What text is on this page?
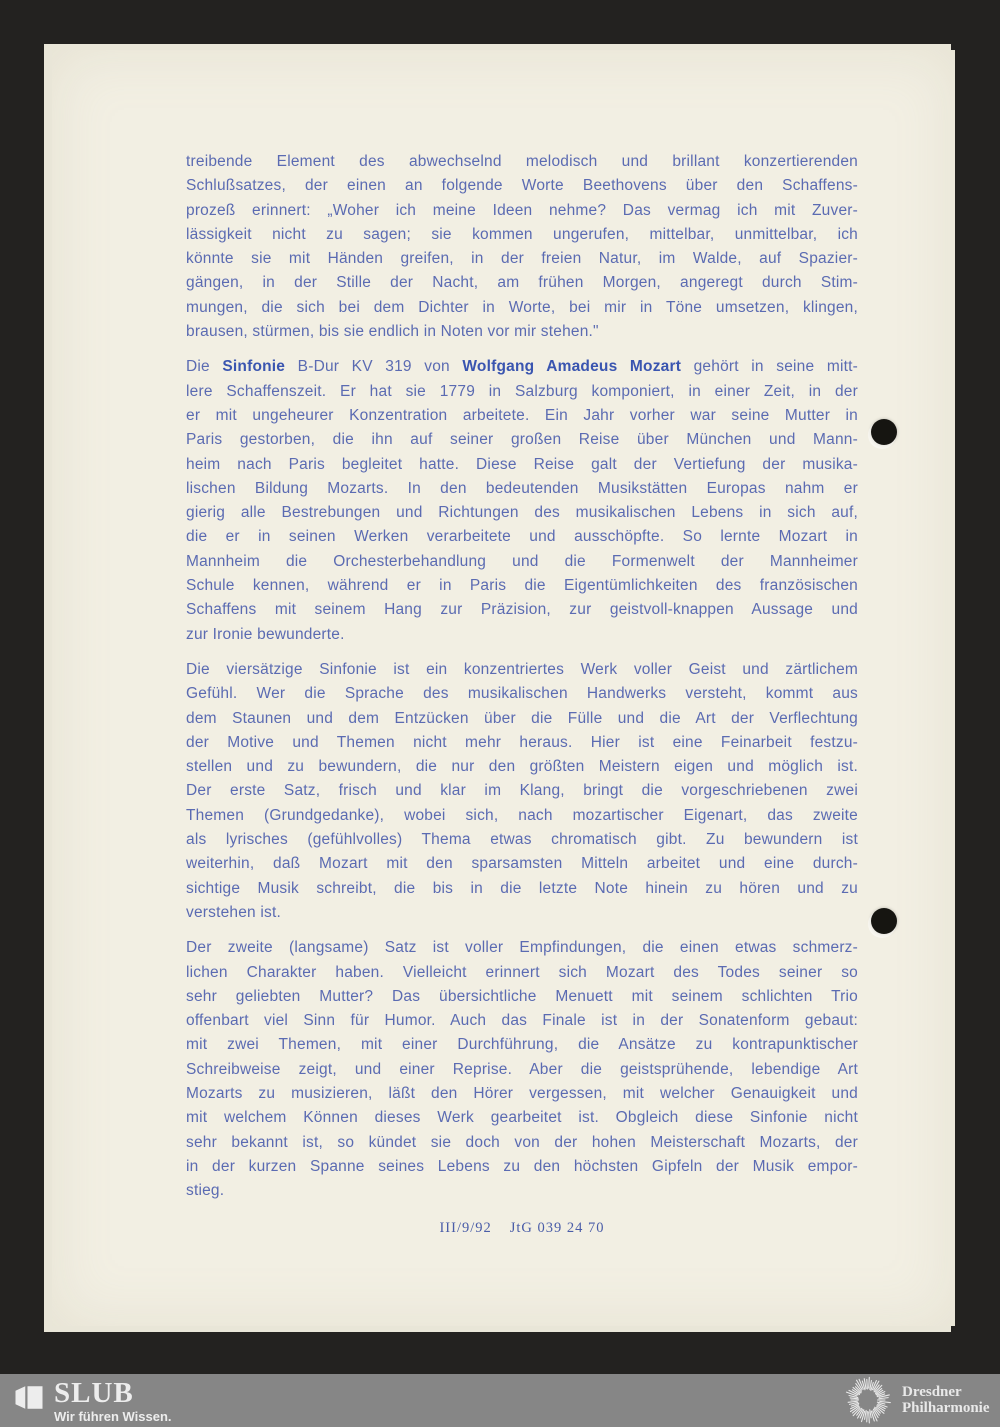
treibende Element des abwechselnd melodisch und brillant konzertierenden
Schlußsatzes, der einen an folgende Worte Beethovens über den Schaffens-
prozeß erinnert: „Woher ich meine Ideen nehme? Das vermag ich mit Zuver-
lässigkeit nicht zu sagen; sie kommen ungerufen, mittelbar, unmittelbar, ich
könnte sie mit Händen greifen, in der freien Natur, im Walde, auf Spazier-
gängen, in der Stille der Nacht, am frühen Morgen, angeregt durch Stim-
mungen, die sich bei dem Dichter in Worte, bei mir in Töne umsetzen, klingen,
brausen, stürmen, bis sie endlich in Noten vor mir stehen."
Die Sinfonie B-Dur KV 319 von Wolfgang Amadeus Mozart gehört in seine mitt-
lere Schaffenszeit. Er hat sie 1779 in Salzburg komponiert, in einer Zeit, in der
er mit ungeheurer Konzentration arbeitete. Ein Jahr vorher war seine Mutter in
Paris gestorben, die ihn auf seiner großen Reise über München und Mann-
heim nach Paris begleitet hatte. Diese Reise galt der Vertiefung der musika-
lischen Bildung Mozarts. In den bedeutenden Musikstätten Europas nahm er
gierig alle Bestrebungen und Richtungen des musikalischen Lebens in sich auf,
die er in seinen Werken verarbeitete und ausschöpfte. So lernte Mozart in
Mannheim die Orchesterbehandlung und die Formenwelt der Mannheimer
Schule kennen, während er in Paris die Eigentümlichkeiten des französischen
Schaffens mit seinem Hang zur Präzision, zur geistvoll-knappen Aussage und
zur Ironie bewunderte.
Die viersätzige Sinfonie ist ein konzentriertes Werk voller Geist und zärtlichem
Gefühl. Wer die Sprache des musikalischen Handwerks versteht, kommt aus
dem Staunen und dem Entzücken über die Fülle und die Art der Verflechtung
der Motive und Themen nicht mehr heraus. Hier ist eine Feinarbeit festzu-
stellen und zu bewundern, die nur den größten Meistern eigen und möglich ist.
Der erste Satz, frisch und klar im Klang, bringt die vorgeschriebenen zwei
Themen (Grundgedanke), wobei sich, nach mozartischer Eigenart, das zweite
als lyrisches (gefühlvolles) Thema etwas chromatisch gibt. Zu bewundern ist
weiterhin, daß Mozart mit den sparsamsten Mitteln arbeitet und eine durch-
sichtige Musik schreibt, die bis in die letzte Note hinein zu hören und zu
verstehen ist.
Der zweite (langsame) Satz ist voller Empfindungen, die einen etwas schmerz-
lichen Charakter haben. Vielleicht erinnert sich Mozart des Todes seiner so
sehr geliebten Mutter? Das übersichtliche Menuett mit seinem schlichten Trio
offenbart viel Sinn für Humor. Auch das Finale ist in der Sonatenform gebaut:
mit zwei Themen, mit einer Durchführung, die Ansätze zu kontrapunktischer
Schreibweise zeigt, und einer Reprise. Aber die geistsprühende, lebendige Art
Mozarts zu musizieren, läßt den Hörer vergessen, mit welcher Genauigkeit und
mit welchem Können dieses Werk gearbeitet ist. Obgleich diese Sinfonie nicht
sehr bekannt ist, so kündet sie doch von der hohen Meisterschaft Mozarts, der
in der kurzen Spanne seines Lebens zu den höchsten Gipfeln der Musik empor-
stieg.
III/9/92 JtG 039 24 70
SLUB
Wir führen Wissen.
Dresdner
Philharmonie
